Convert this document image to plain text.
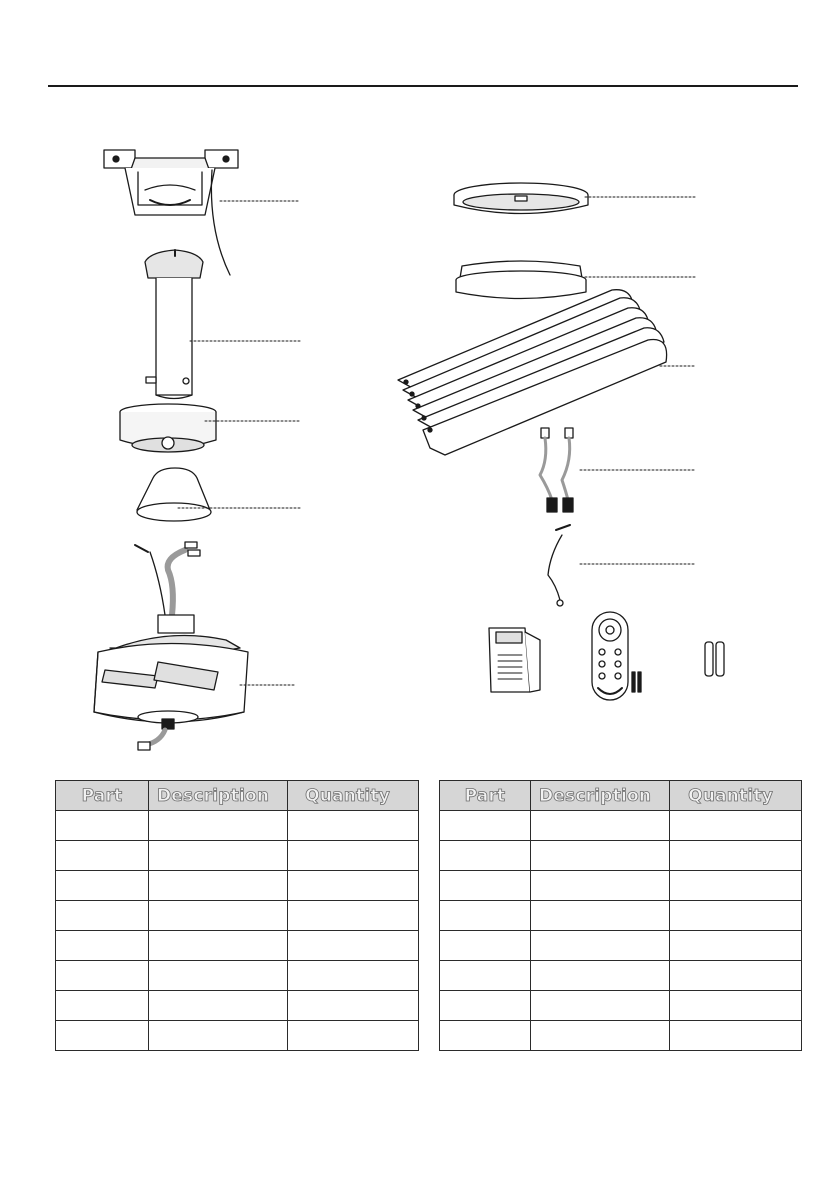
Part	Description	Quantity

			Part	Description	Quantity
